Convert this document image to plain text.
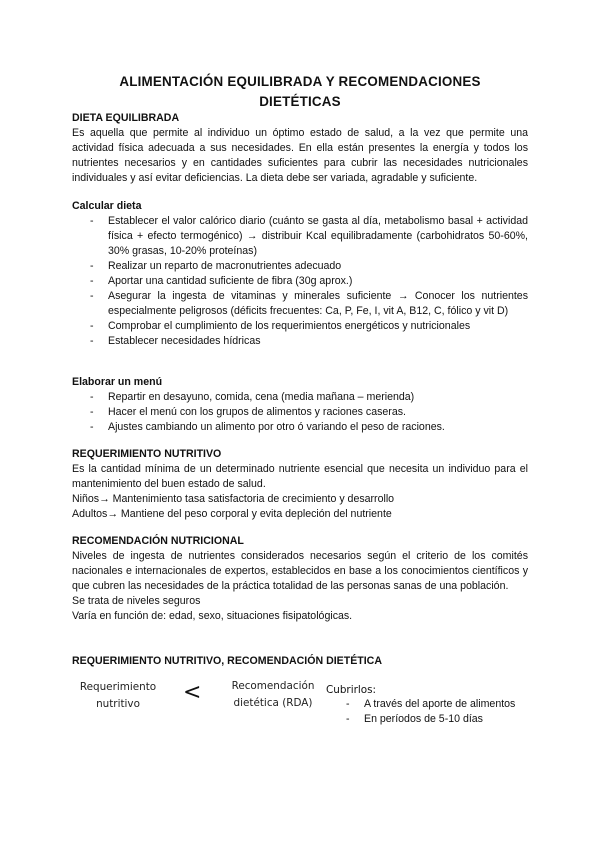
ALIMENTACIÓN EQUILIBRADA Y RECOMENDACIONES
DIETÉTICAS
DIETA EQUILIBRADA
Es aquella que permite al individuo un óptimo estado de salud, a la vez que permite una actividad física adecuada a sus necesidades. En ella están presentes la energía y todos los nutrientes necesarios y en cantidades suficientes para cubrir las necesidades nutricionales individuales y así evitar deficiencias. La dieta debe ser variada, agradable y suficiente.
Calcular dieta
- Establecer el valor calórico diario (cuánto se gasta al día, metabolismo basal + actividad física + efecto termogénico) → distribuir Kcal equilibradamente (carbohidratos 50-60%, 30% grasas, 10-20% proteínas)
- Realizar un reparto de macronutrientes adecuado
- Aportar una cantidad suficiente de fibra (30g aprox.)
- Asegurar la ingesta de vitaminas y minerales suficiente → Conocer los nutrientes especialmente peligrosos (déficits frecuentes: Ca, P, Fe, I, vit A, B12, C, fólico y vit D)
- Comprobar el cumplimiento de los requerimientos energéticos y nutricionales
- Establecer necesidades hídricas
Elaborar un menú
- Repartir en desayuno, comida, cena (media mañana – merienda)
- Hacer el menú con los grupos de alimentos y raciones caseras.
- Ajustes cambiando un alimento por otro ó variando el peso de raciones.
REQUERIMIENTO NUTRITIVO
Es la cantidad mínima de un determinado nutriente esencial que necesita un individuo para el mantenimiento del buen estado de salud.
Niños→ Mantenimiento tasa satisfactoria de crecimiento y desarrollo
Adultos→ Mantiene del peso corporal y evita depleción del nutriente
RECOMENDACIÓN NUTRICIONAL
Niveles de ingesta de nutrientes considerados necesarios según el criterio de los comités nacionales e internacionales de expertos, establecidos en base a los conocimientos científicos y que cubren las necesidades de la práctica totalidad de las personas sanas de una población.
Se trata de niveles seguros
Varía en función de: edad, sexo, situaciones fisipatológicas.
REQUERIMIENTO NUTRITIVO, RECOMENDACIÓN DIETÉTICA
Requerimiento
nutritivo	<	Recomendación
dietética (RDA)
Cubrirlos:
- A través del aporte de alimentos
- En períodos de 5-10 días
